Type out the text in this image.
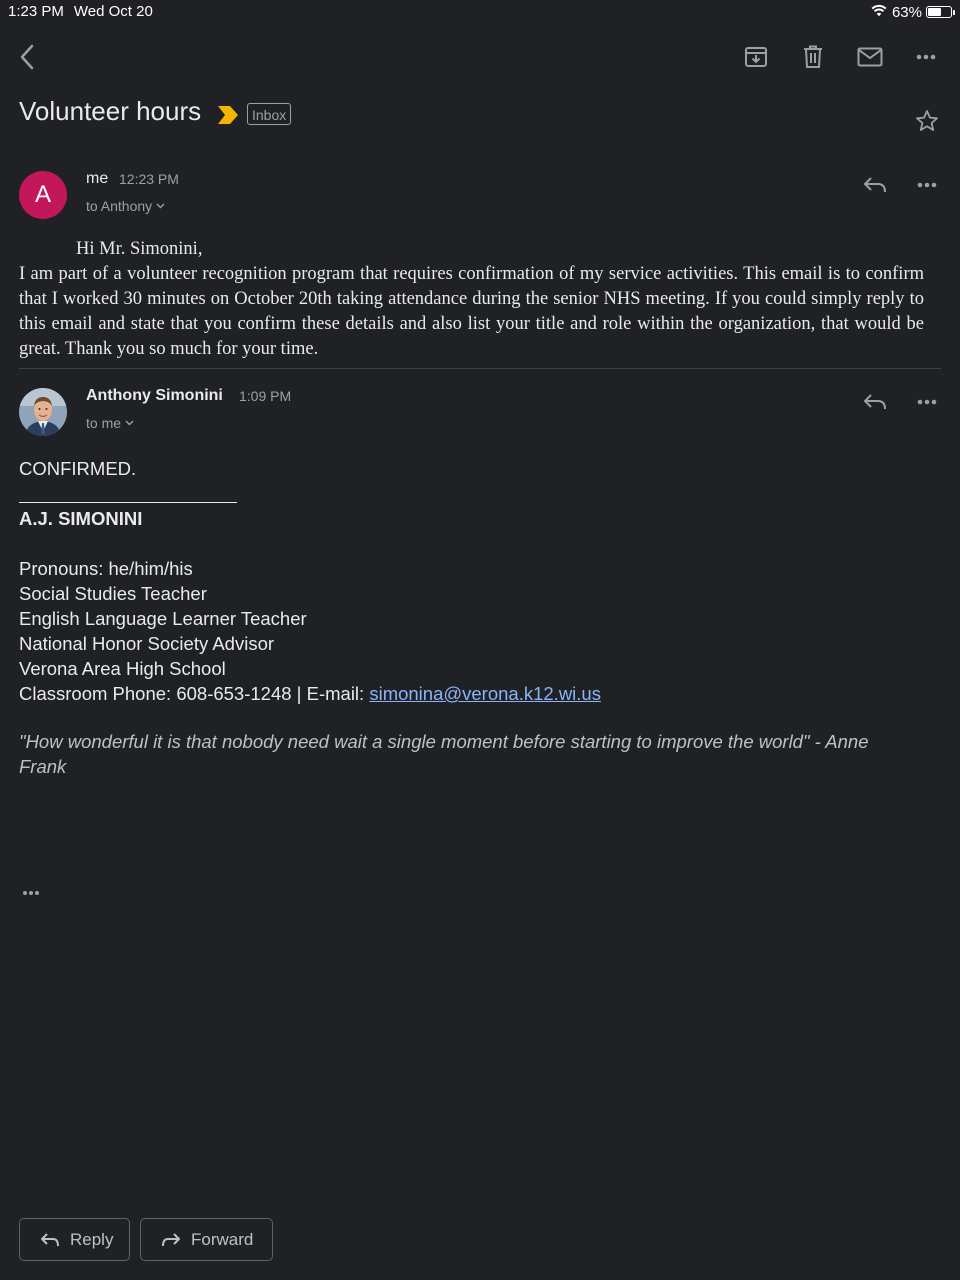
1:23 PM Wed Oct 20	63%
Volunteer hours	Inbox
A
me 12:23 PM
to Anthony

Hi Mr. Simonini,

I am part of a volunteer recognition program that requires confirmation of my service activities. This email is to confirm that I worked 30 minutes on October 20th taking attendance during the senior NHS meeting. If you could simply reply to this email and state that you confirm these details and also list your title and role within the organization, that would be great. Thank you so much for your time.

Anthony Simonini 1:09 PM
to me
CONFIRMED.
A.J. SIMONINI
Pronouns: he/him/his
Social Studies Teacher
English Language Learner Teacher
National Honor Society Advisor
Verona Area High School
Classroom Phone: 608-653-1248 | E-mail: simonina@verona.k12.wi.us
"How wonderful it is that nobody need wait a single moment before starting to improve the world" - Anne Frank
Reply	Forward
